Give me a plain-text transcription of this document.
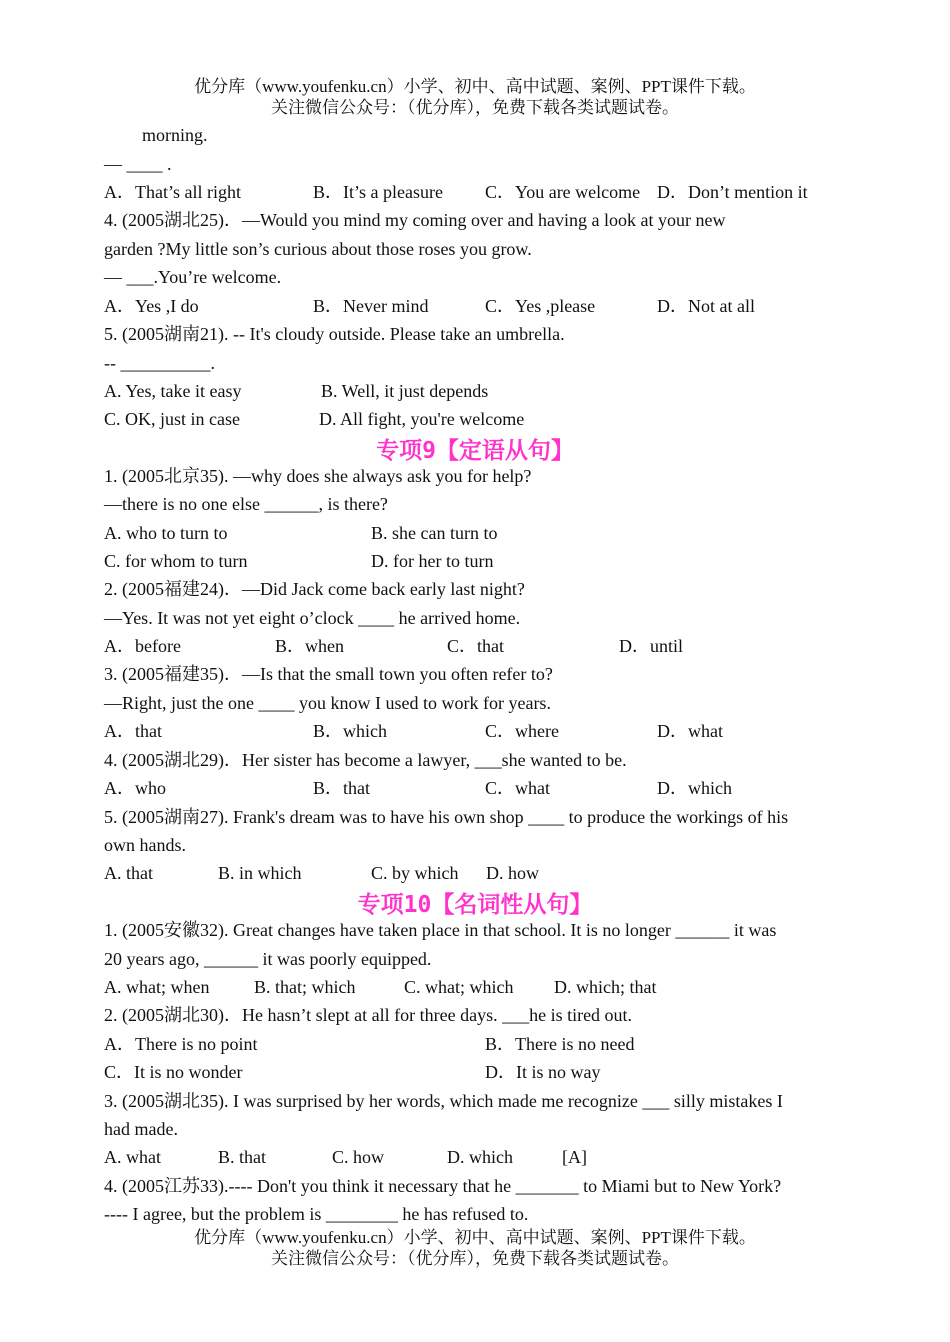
优分库（www.youfenku.cn）小学、初中、高中试题、案例、PPT课件下载。
关注微信公众号：（优分库），免费下载各类试题试卷。
morning.
— ____ .
A．That’s all right	B．It’s a pleasure C．You are welcome D．Don’t mention it
4. (2005湖北25)．—Would you mind my coming over and having a look at your new
garden ?My little son’s curious about those roses you grow.
— ___.You’re welcome.
A．Yes ,I do	B．Never mind	C．Yes ,please	D．Not at all
5. (2005湖南21). -- It's cloudy outside. Please take an umbrella.
-- __________.
A. Yes, take it easy	B. Well, it just depends
C. OK, just in case	D. All fight, you're welcome
专项9【定语从句】
1. (2005北京35). —why does she always ask you for help?
—there is no one else ______, is there?
A. who to turn to	B. she can turn to
C. for whom to turn	D. for her to turn
2. (2005福建24)．—Did Jack come back early last night?
—Yes. It was not yet eight o’clock ____ he arrived home.
A．before	B．when	C．that	D．until
3. (2005福建35)．—Is that the small town you often refer to?
—Right, just the one ____ you know I used to work for years.
A．that	B．which	C．where	D．what
4. (2005湖北29)．Her sister has become a lawyer, ___she wanted to be.
A．who	B．that	C．what	D．which
5. (2005湖南27). Frank's dream was to have his own shop ____ to produce the workings of his
own hands.
A. that	B. in which	C. by which D. how
专项10【名词性从句】
1. (2005安徽32). Great changes have taken place in that school. It is no longer ______ it was
20 years ago, ______ it was poorly equipped.
A. what; when B. that; which	C. what; which D. which; that
2. (2005湖北30)．He hasn’t slept at all for three days. ___he is tired out.
A．There is no point	B．There is no need
C．It is no wonder	D．It is no way
3. (2005湖北35). I was surprised by her words, which made me recognize ___ silly mistakes I
had made.
A. what	B. that	C. how	D. which	[A]
4. (2005江苏33).---- Don't you think it necessary that he _______ to Miami but to New York?
---- I agree, but the problem is ________ he has refused to.
优分库（www.youfenku.cn）小学、初中、高中试题、案例、PPT课件下载。
关注微信公众号：（优分库），免费下载各类试题试卷。
